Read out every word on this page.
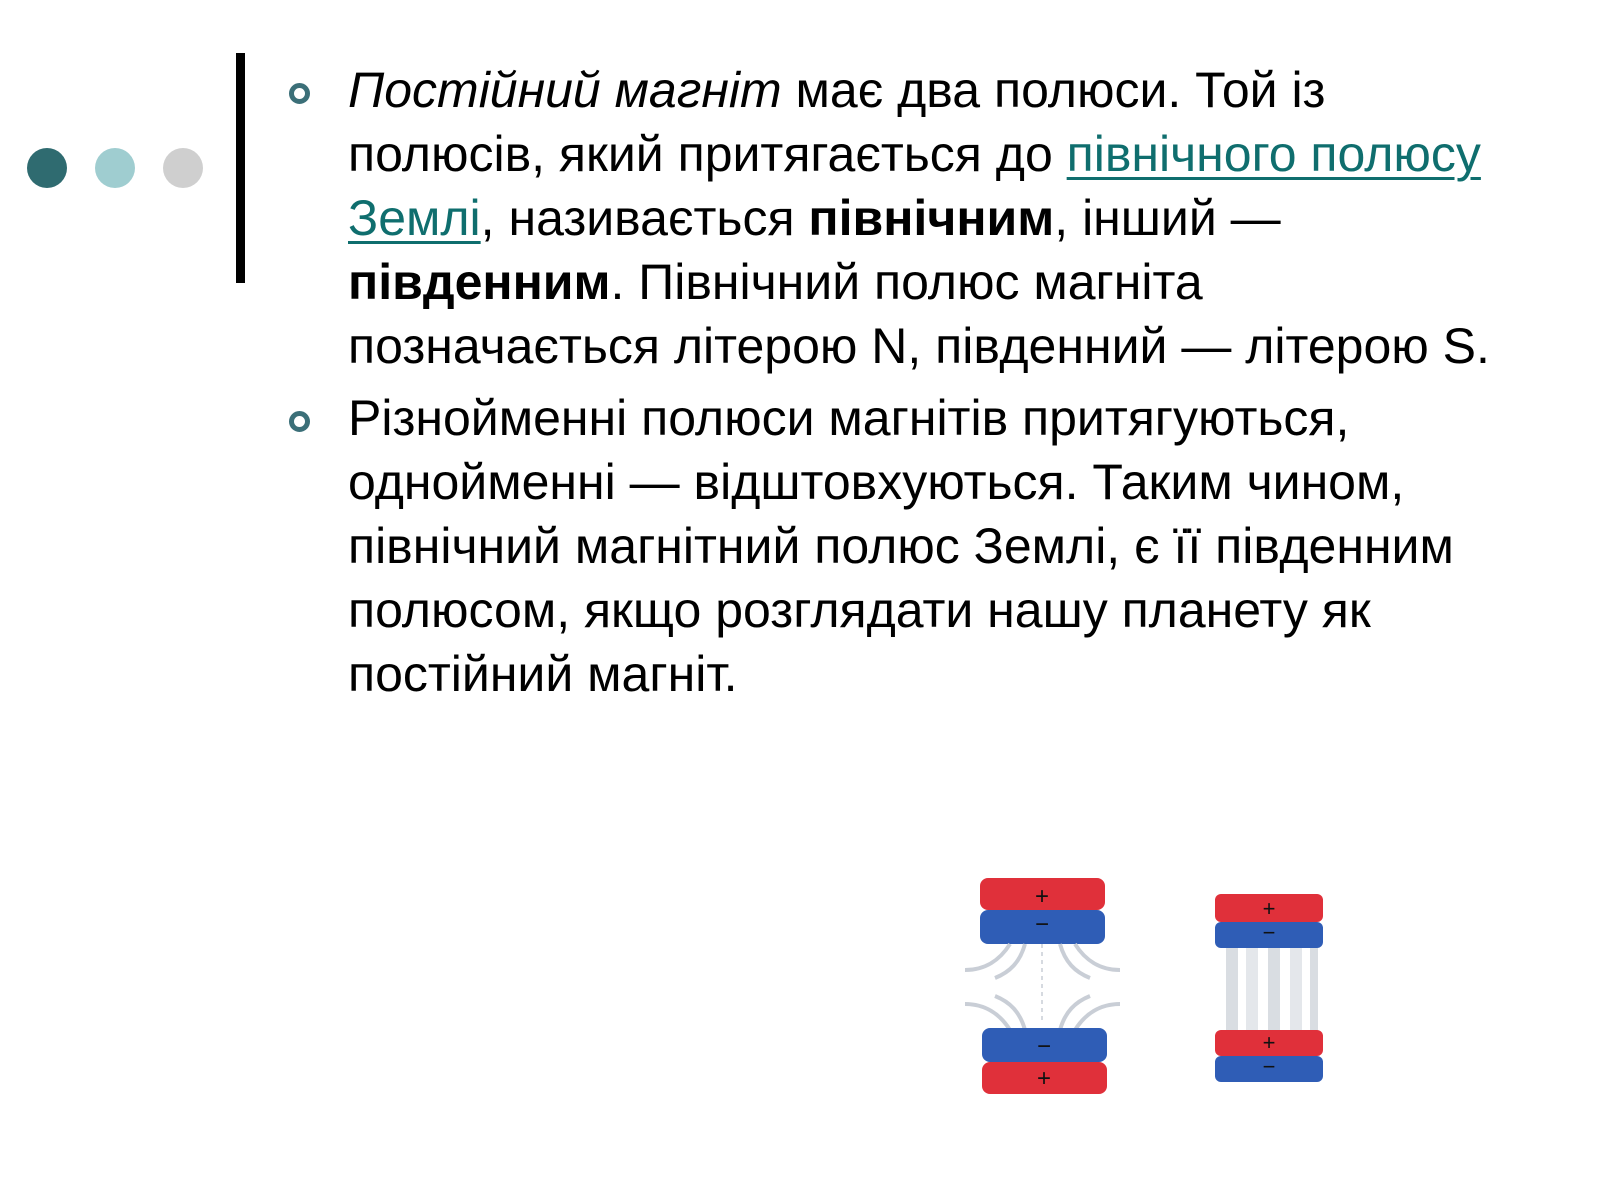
Постійний магніт має два полюси. Той із полюсів, який притягається до північного полюсу Землі, називається північним, інший — південним. Північний полюс магніта позначається літерою N, південний — літерою S.
Різнойменні полюси магнітів притягуються, однойменні — відштовхуються. Таким чином, північний магнітний полюс Землі, є її південним полюсом, якщо розглядати нашу планету як постійний магніт.
+
−
−
+
+
−
+
−
